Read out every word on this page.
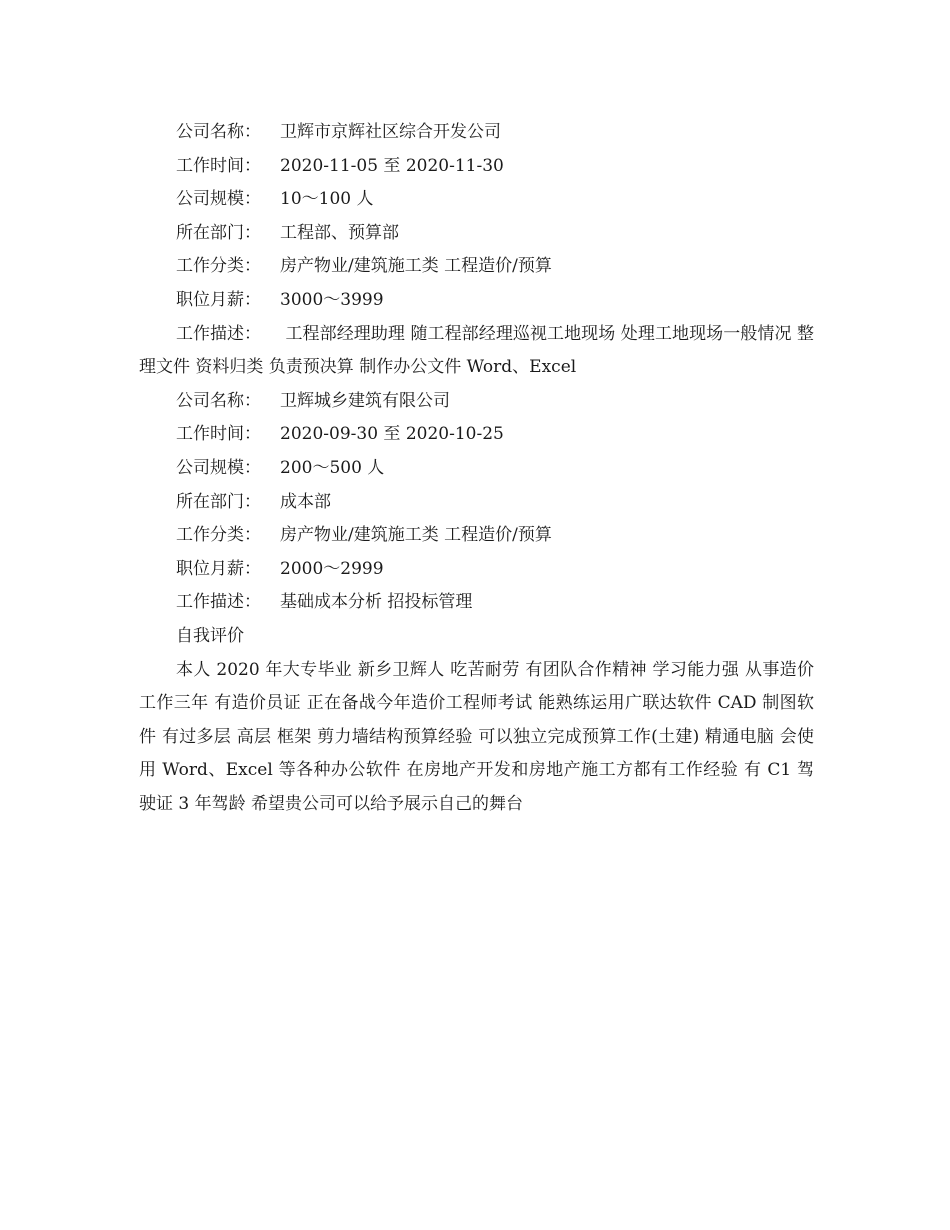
公司名称： 卫辉市京辉社区综合开发公司
工作时间： 2020-11-05 至 2020-11-30
公司规模： 10～100 人
所在部门： 工程部、预算部
工作分类： 房产物业/建筑施工类 工程造价/预算
职位月薪： 3000～3999

工作描述： 工程部经理助理 随工程部经理巡视工地现场 处理工地现场一般情况 整理文件 资料归类 负责预决算 制作办公文件 Word、Excel

公司名称： 卫辉城乡建筑有限公司
工作时间： 2020-09-30 至 2020-10-25
公司规模： 200～500 人
所在部门： 成本部
工作分类： 房产物业/建筑施工类 工程造价/预算
职位月薪： 2000～2999
工作描述： 基础成本分析 招投标管理

自我评价

本人 2020 年大专毕业 新乡卫辉人 吃苦耐劳 有团队合作精神 学习能力强 从事造价工作三年 有造价员证 正在备战今年造价工程师考试 能熟练运用广联达软件 CAD 制图软件 有过多层 高层 框架 剪力墙结构预算经验 可以独立完成预算工作(土建) 精通电脑 会使用 Word、Excel 等各种办公软件 在房地产开发和房地产施工方都有工作经验 有 C1 驾驶证 3 年驾龄 希望贵公司可以给予展示自己的舞台
